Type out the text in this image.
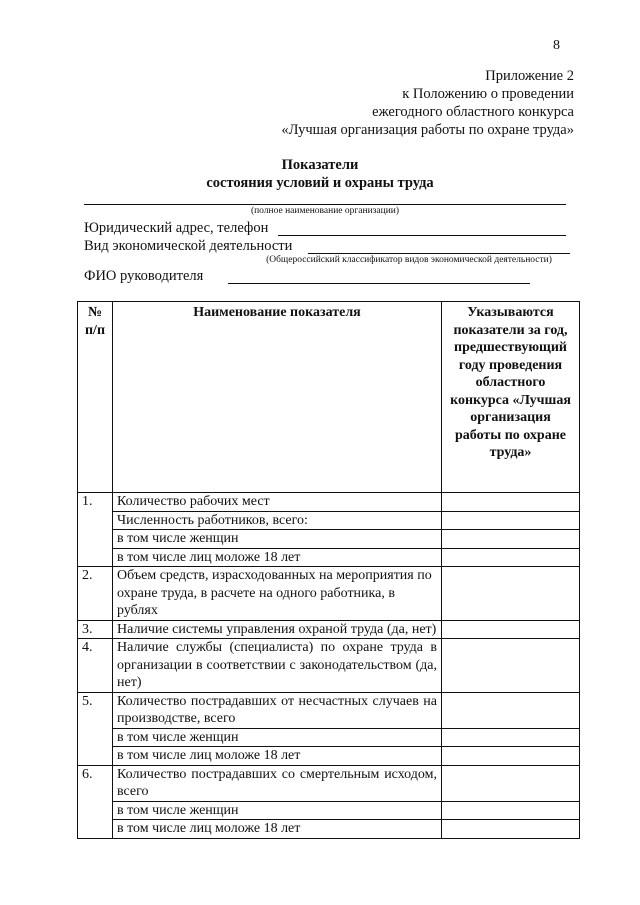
8
Приложение 2
к Положению о проведении
ежегодного областного конкурса
«Лучшая организация работы по охране труда»
Показатели
состояния условий и охраны труда
(полное наименование организации)
Юридический адрес, телефон
Вид экономической деятельности
(Общероссийский классификатор видов экономической деятельности)
ФИО руководителя
№ п/п	Наименование показателя	Указываются показатели за год, предшествующий году проведения областного конкурса «Лучшая организация работы по охране труда»
1.	Количество рабочих мест	
	Численность работников, всего:	
	в том числе женщин	
	в том числе лиц моложе 18 лет	
2.	Объем средств, израсходованных на мероприятия по охране труда, в расчете на одного работника, в рублях	
3.	Наличие системы управления охраной труда (да, нет)	
4.	Наличие службы (специалиста) по охране труда в организации в соответствии с законодательством (да, нет)	
5.	Количество пострадавших от несчастных случаев на производстве, всего	
	в том числе женщин	
	в том числе лиц моложе 18 лет	
6.	Количество пострадавших со смертельным исходом, всего	
	в том числе женщин	
	в том числе лиц моложе 18 лет	
